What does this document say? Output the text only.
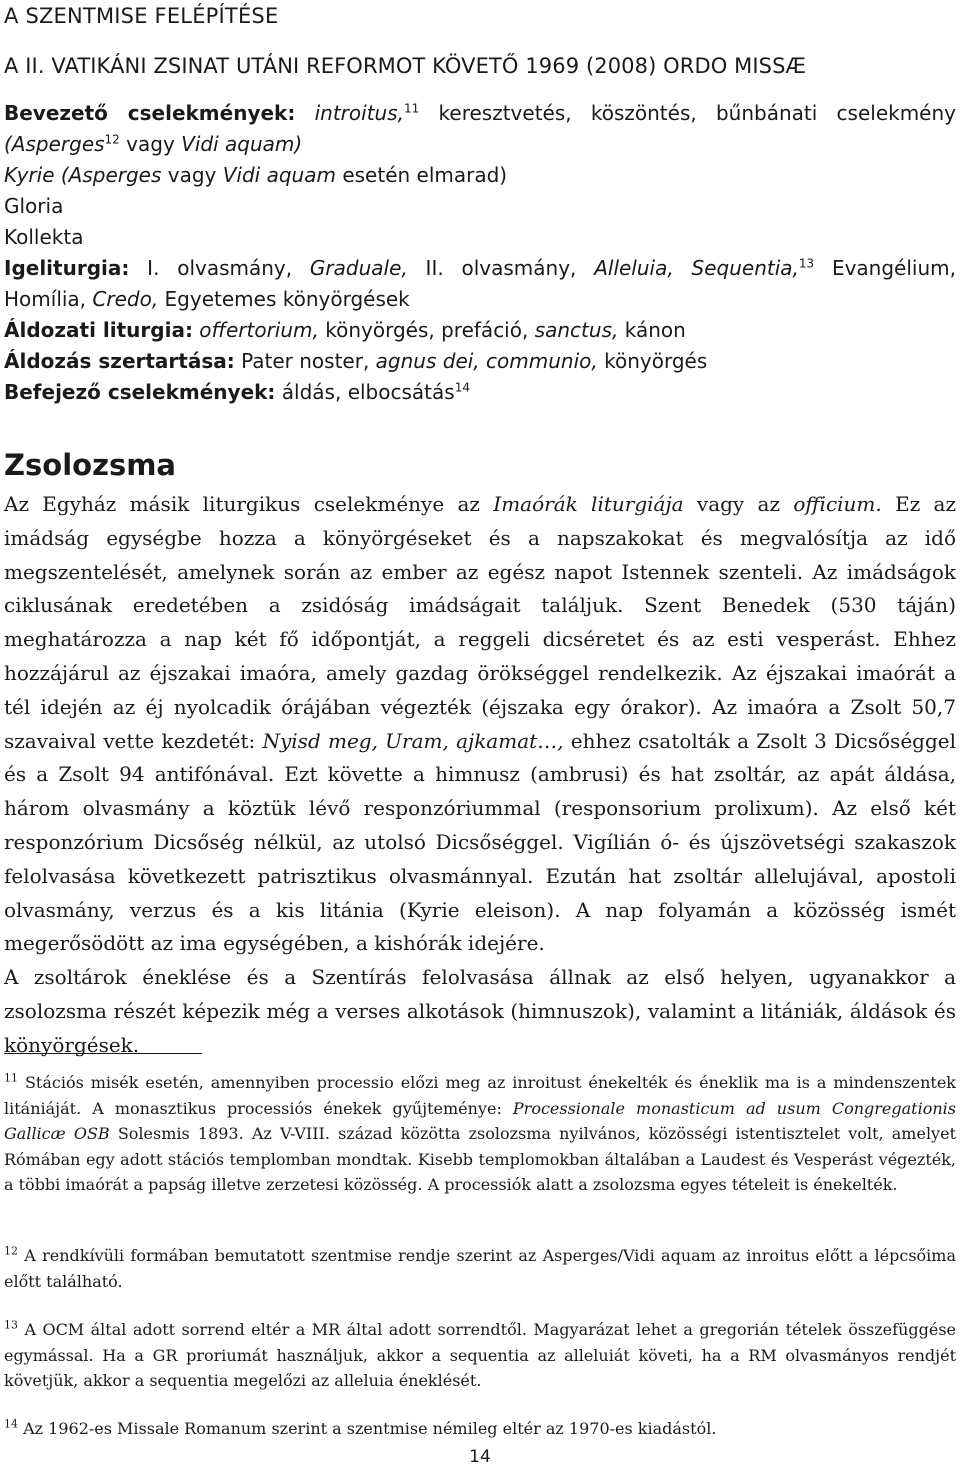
A SZENTMISE FELÉPÍTÉSE
A II. VATIKÁNI ZSINAT UTÁNI REFORMOT KÖVETŐ 1969 (2008) ORDO MISSÆ
Bevezető cselekmények: introitus,$^{11}$ keresztvetés, köszöntés, bűnbánati cselekmény
(Asperges$^{12}$ vagy Vidi aquam)
Kyrie (Asperges vagy Vidi aquam esetén elmarad)
Gloria
Kollekta
Igeliturgia: I. olvasmány, Graduale, II. olvasmány, Alleluia, Sequentia,$^{13}$ Evangélium,
Homília, Credo, Egyetemes könyörgések
Áldozati liturgia: offertorium, könyörgés, prefáció, sanctus, kánon
Áldozás szertartása: Pater noster, agnus dei, communio, könyörgés
Befejező cselekmények: áldás, elbocsátás$^{14}$
Zsolozsma

Az Egyház másik liturgikus cselekménye az Imaórák liturgiája vagy az officium. Ez az imádság egységbe hozza a könyörgéseket és a napszakokat és megvalósítja az idő megszentelését, amelynek során az ember az egész napot Istennek szenteli. Az imádságok ciklusának eredetében a zsidóság imádságait találjuk. Szent Benedek (530 táján) meghatározza a nap két fő időpontját, a reggeli dicséretet és az esti vesperást. Ehhez hozzájárul az éjszakai imaóra, amely gazdag örökséggel rendelkezik. Az éjszakai imaórát a tél idején az éj nyolcadik órájában végezték (éjszaka egy órakor). Az imaóra a Zsolt 50,7 szavaival vette kezdetét: Nyisd meg, Uram, ajkamat…, ehhez csatolták a Zsolt 3 Dicsőséggel és a Zsolt 94 antifónával. Ezt követte a himnusz (ambrusi) és hat zsoltár, az apát áldása, három olvasmány a köztük lévő responzóriummal (responsorium prolixum). Az első két responzórium Dicsőség nélkül, az utolsó Dicsőséggel. Vigílián ó- és újszövetségi szakaszok felolvasása következett patrisztikus olvasmánnyal. Ezután hat zsoltár allelujával, apostoli olvasmány, verzus és a kis litánia (Kyrie eleison). A nap folyamán a közösség ismét megerősödött az ima egységében, a kishórák idejére.

A zsoltárok éneklése és a Szentírás felolvasása állnak az első helyen, ugyanakkor a zsolozsma részét képezik még a verses alkotások (himnuszok), valamint a litániák, áldások és könyörgések.

$^{11}$ Stációs misék esetén, amennyiben processio előzi meg az inroitust énekelték és éneklik ma is a mindenszentek litániáját. A monasztikus processiós énekek gyűjteménye: Processionale monasticum ad usum Congregationis Gallicæ OSB Solesmis 1893. Az V-VIII. század közötta zsolozsma nyilvános, közösségi istentisztelet volt, amelyet Rómában egy adott stációs templomban mondtak. Kisebb templomokban általában a Laudest és Vesperást végezték, a többi imaórát a papság illetve zerzetesi közösség. A processiók alatt a zsolozsma egyes tételeit is énekelték.
$^{12}$ A rendkívüli formában bemutatott szentmise rendje szerint az Asperges/Vidi aquam az inroitus előtt a lépcsőima előtt található.
$^{13}$ A OCM által adott sorrend eltér a MR által adott sorrendtől. Magyarázat lehet a gregorián tételek összefüggése egymással. Ha a GR proriumát használjuk, akkor a sequentia az alleluiát követi, ha a RM olvasmányos rendjét követjük, akkor a sequentia megelőzi az alleluia éneklését.
$^{14}$ Az 1962-es Missale Romanum szerint a szentmise némileg eltér az 1970-es kiadástól.
14
